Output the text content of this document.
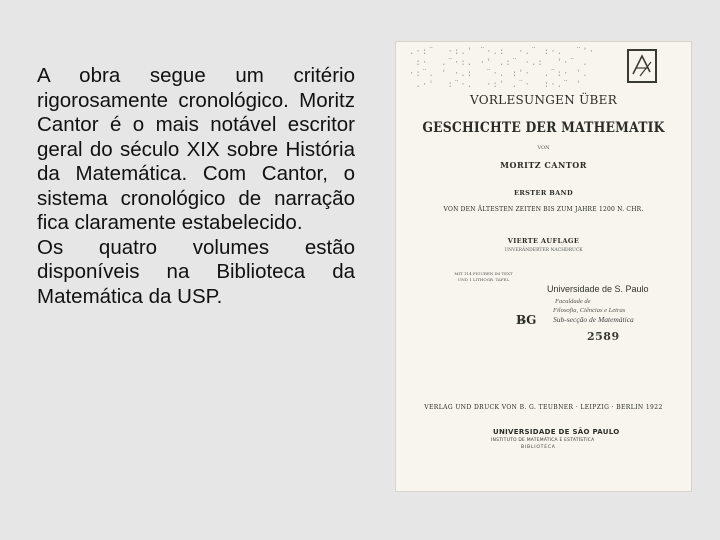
A obra segue um critério rigorosamente cronológico. Moritz Cantor é o mais notável escritor geral do século XIX sobre História da Matemática. Com Cantor, o sistema cronológico de narração fica claramente estabelecido.

Os quatro volumes estão disponíveis na Biblioteca da Matemática da USP.

.·:¨  ·:.' ¨·.:  ·.¨ :·.  ¨'·
:·  .¨·:. ·' .:¨ ·.:  '·¨ .
·:¨. ' ·.:  ¨·. :'·  .¨:· '.
.·'  :¨·.  ·:' .¨·  :·.¨ '
VORLESUNGEN ÜBER
GESCHICHTE DER MATHEMATIK
VON
MORITZ CANTOR
ERSTER BAND
VON DEN ÄLTESTEN ZEITEN BIS ZUM JAHRE 1200 N. CHR.
VIERTE AUFLAGE
UNVERÄNDERTER NACHDRUCK
MIT 114 FIGUREN IM TEXT
UND 1 LITHOGR. TAFEL
Universidade de S. Paulo
Faculdade de
Filosofia, Ciências e Letras
Sub-secção de Matemática
B̶G
2589
VERLAG UND DRUCK VON B. G. TEUBNER · LEIPZIG · BERLIN 1922
UNIVERSIDADE DE SÃO PAULO
INSTITUTO DE MATEMÁTICA E ESTATÍSTICA
BIBLIOTECA
